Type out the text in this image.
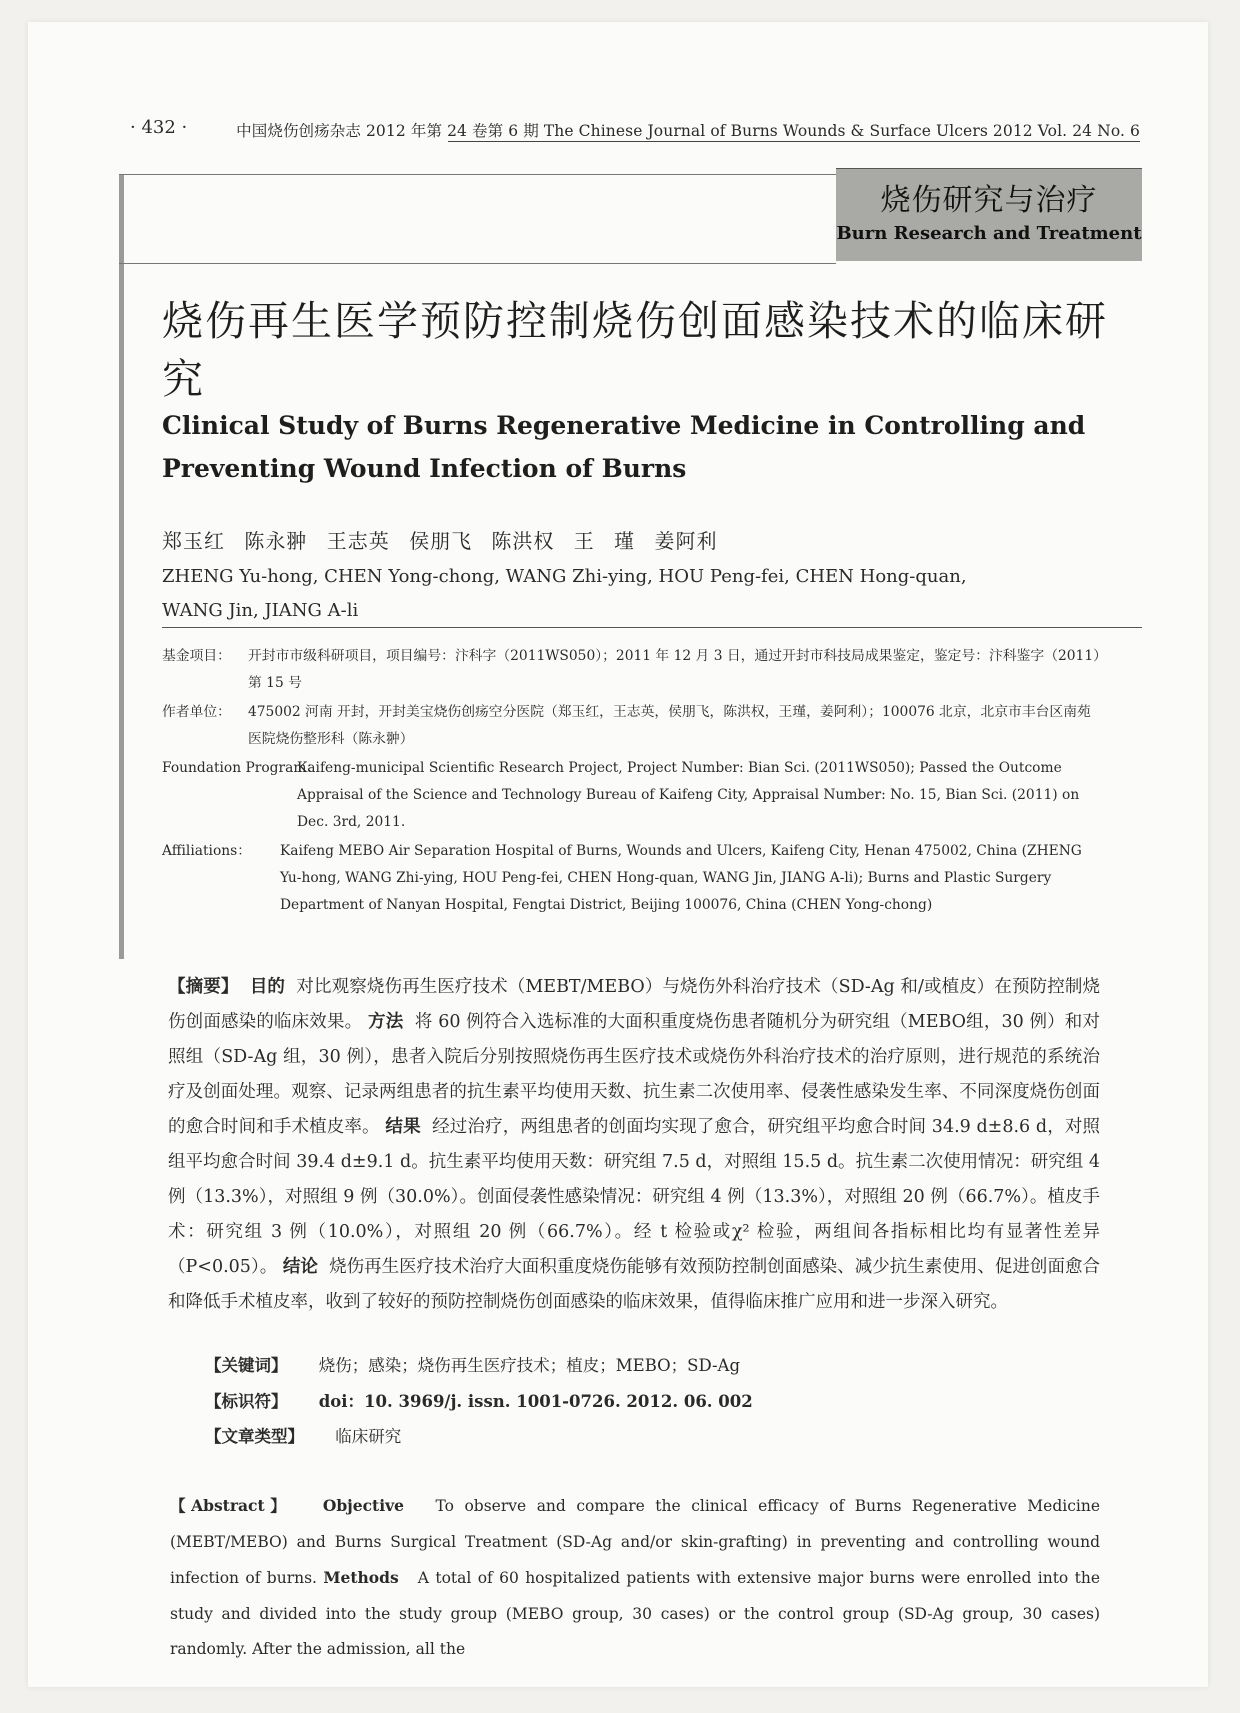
· 432 ·	中国烧伤创疡杂志 2012 年第 24 卷第 6 期 The Chinese Journal of Burns Wounds & Surface Ulcers 2012 Vol. 24 No. 6
烧伤研究与治疗
Burn Research and Treatment
烧伤再生医学预防控制烧伤创面感染技术的临床研究
Clinical Study of Burns Regenerative Medicine in Controlling and Preventing Wound Infection of Burns
郑玉红 陈永翀 王志英 侯朋飞 陈洪权 王 瑾 姜阿利
ZHENG Yu-hong, CHEN Yong-chong, WANG Zhi-ying, HOU Peng-fei, CHEN Hong-quan, WANG Jin, JIANG A-li
基金项目： 开封市市级科研项目，项目编号：汴科字（2011WS050）；2011 年 12 月 3 日，通过开封市科技局成果鉴定，鉴定号：汴科鉴字（2011）第 15 号
作者单位： 475002 河南 开封，开封美宝烧伤创疡空分医院（郑玉红，王志英，侯朋飞，陈洪权，王瑾，姜阿利）；100076 北京，北京市丰台区南苑医院烧伤整形科（陈永翀）
Foundation Program：
Kaifeng-municipal Scientific Research Project, Project Number: Bian Sci. (2011WS050); Passed the Outcome Appraisal of the Science and Technology Bureau of Kaifeng City, Appraisal Number: No. 15, Bian Sci. (2011) on Dec. 3rd, 2011.
Affiliations： Kaifeng MEBO Air Separation Hospital of Burns, Wounds and Ulcers, Kaifeng City, Henan 475002, China (ZHENG Yu-hong, WANG Zhi-ying, HOU Peng-fei, CHEN Hong-quan, WANG Jin, JIANG A-li); Burns and Plastic Surgery Department of Nanyan Hospital, Fengtai District, Beijing 100076, China (CHEN Yong-chong)
【摘要】 目的 对比观察烧伤再生医疗技术（MEBT/MEBO）与烧伤外科治疗技术（SD-Ag 和/或植皮）在预防控制烧伤创面感染的临床效果。 方法 将 60 例符合入选标准的大面积重度烧伤患者随机分为研究组（MEBO组，30 例）和对照组（SD-Ag 组，30 例），患者入院后分别按照烧伤再生医疗技术或烧伤外科治疗技术的治疗原则，进行规范的系统治疗及创面处理。观察、记录两组患者的抗生素平均使用天数、抗生素二次使用率、侵袭性感染发生率、不同深度烧伤创面的愈合时间和手术植皮率。 结果 经过治疗，两组患者的创面均实现了愈合，研究组平均愈合时间 34.9 d±8.6 d，对照组平均愈合时间 39.4 d±9.1 d。抗生素平均使用天数：研究组 7.5 d，对照组 15.5 d。抗生素二次使用情况：研究组 4 例（13.3%），对照组 9 例（30.0%）。创面侵袭性感染情况：研究组 4 例（13.3%），对照组 20 例（66.7%）。植皮手术：研究组 3 例（10.0%），对照组 20 例（66.7%）。经 t 检验或χ² 检验，两组间各指标相比均有显著性差异（P<0.05）。 结论 烧伤再生医疗技术治疗大面积重度烧伤能够有效预防控制创面感染、减少抗生素使用、促进创面愈合和降低手术植皮率，收到了较好的预防控制烧伤创面感染的临床效果，值得临床推广应用和进一步深入研究。
【关键词】 烧伤；感染；烧伤再生医疗技术；植皮；MEBO；SD-Ag
【标识符】 doi：10. 3969/j. issn. 1001-0726. 2012. 06. 002
【文章类型】 临床研究
【Abstract】 Objective To observe and compare the clinical efficacy of Burns Regenerative Medicine (MEBT/MEBO) and Burns Surgical Treatment (SD-Ag and/or skin-grafting) in preventing and controlling wound infection of burns. Methods A total of 60 hospitalized patients with extensive major burns were enrolled into the study and divided into the study group (MEBO group, 30 cases) or the control group (SD-Ag group, 30 cases) randomly. After the admission, all the
